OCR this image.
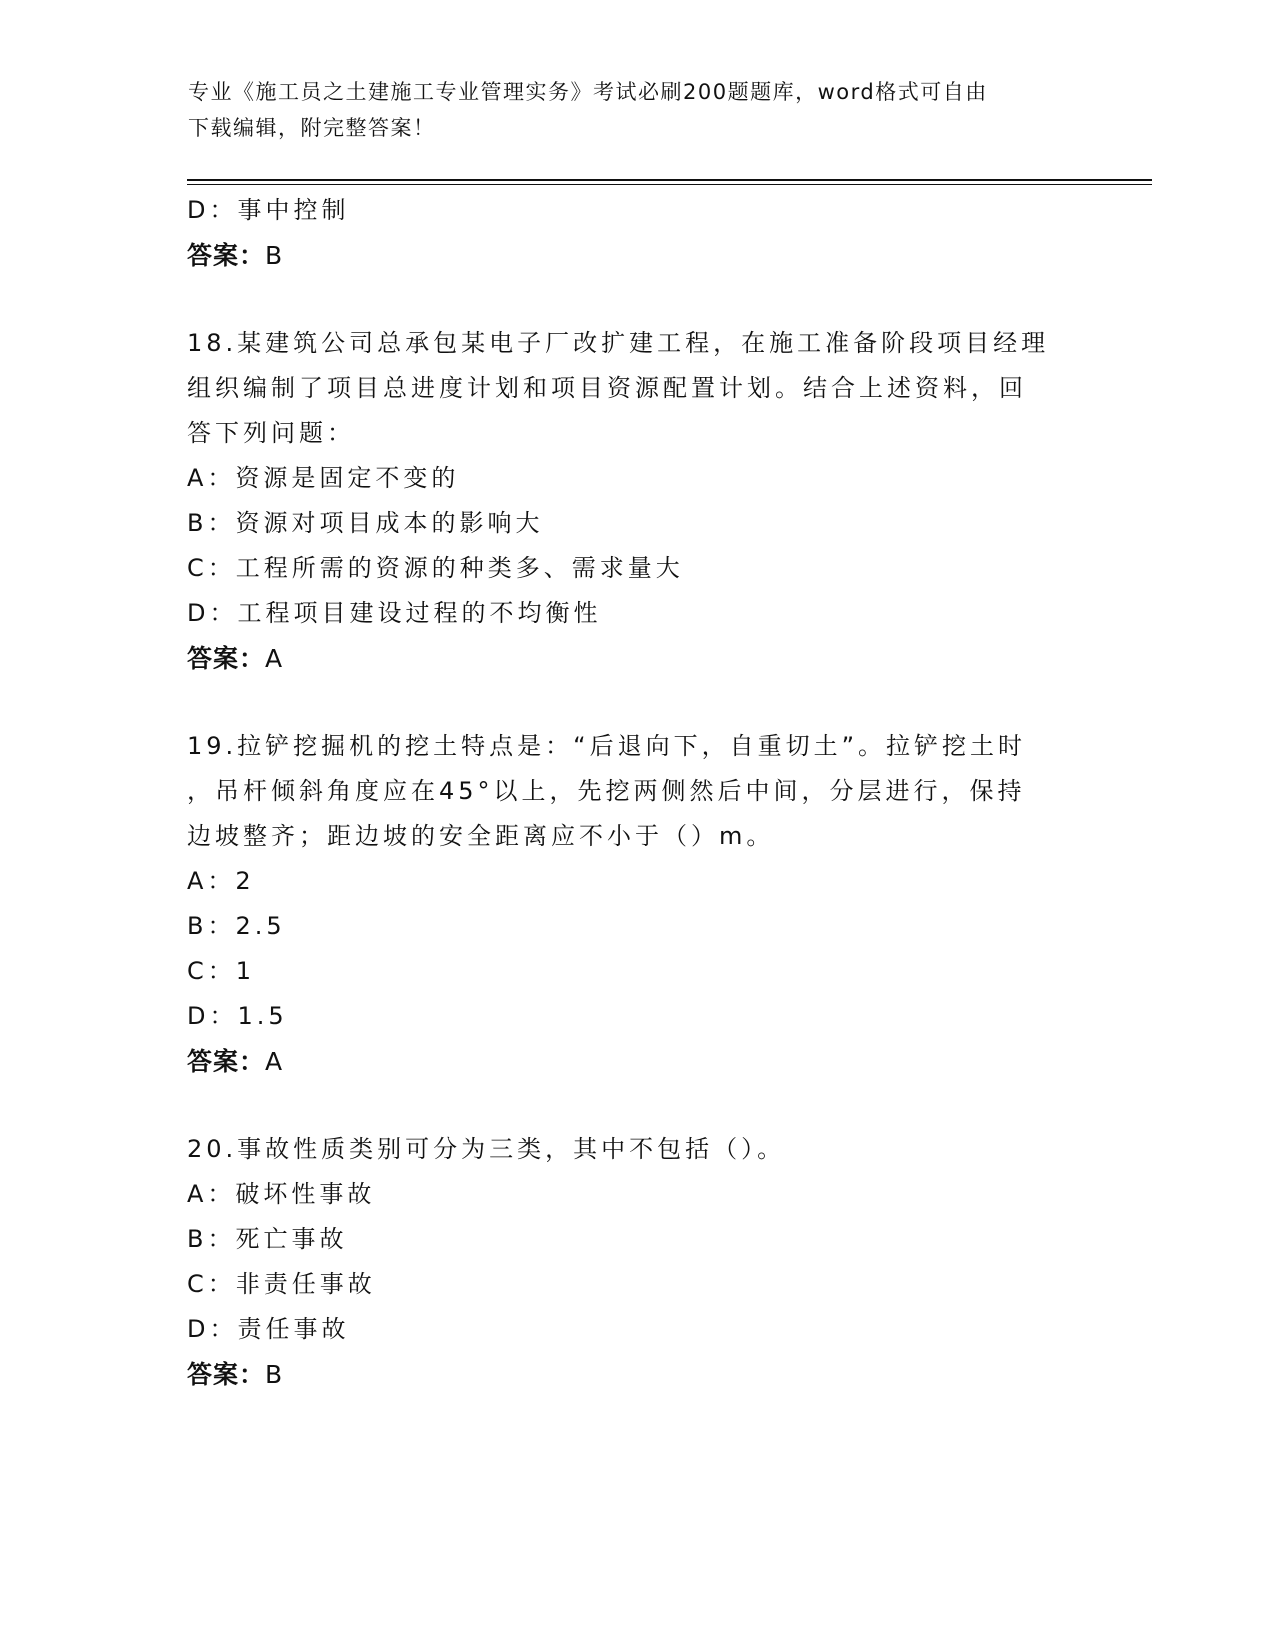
专业《施工员之土建施工专业管理实务》考试必刷200题题库，word格式可自由
下载编辑，附完整答案！
D：事中控制
答案：B
18.某建筑公司总承包某电子厂改扩建工程，在施工准备阶段项目经理
组织编制了项目总进度计划和项目资源配置计划。结合上述资料，回
答下列问题：
A：资源是固定不变的
B：资源对项目成本的影响大
C：工程所需的资源的种类多、需求量大
D：工程项目建设过程的不均衡性
答案：A
19.拉铲挖掘机的挖土特点是：“后退向下，自重切土”。拉铲挖土时
，吊杆倾斜角度应在45°以上，先挖两侧然后中间，分层进行，保持
边坡整齐；距边坡的安全距离应不小于（）m。
A：2
B：2.5
C：1
D：1.5
答案：A
20.事故性质类别可分为三类，其中不包括（）。
A：破坏性事故
B：死亡事故
C：非责任事故
D：责任事故
答案：B
